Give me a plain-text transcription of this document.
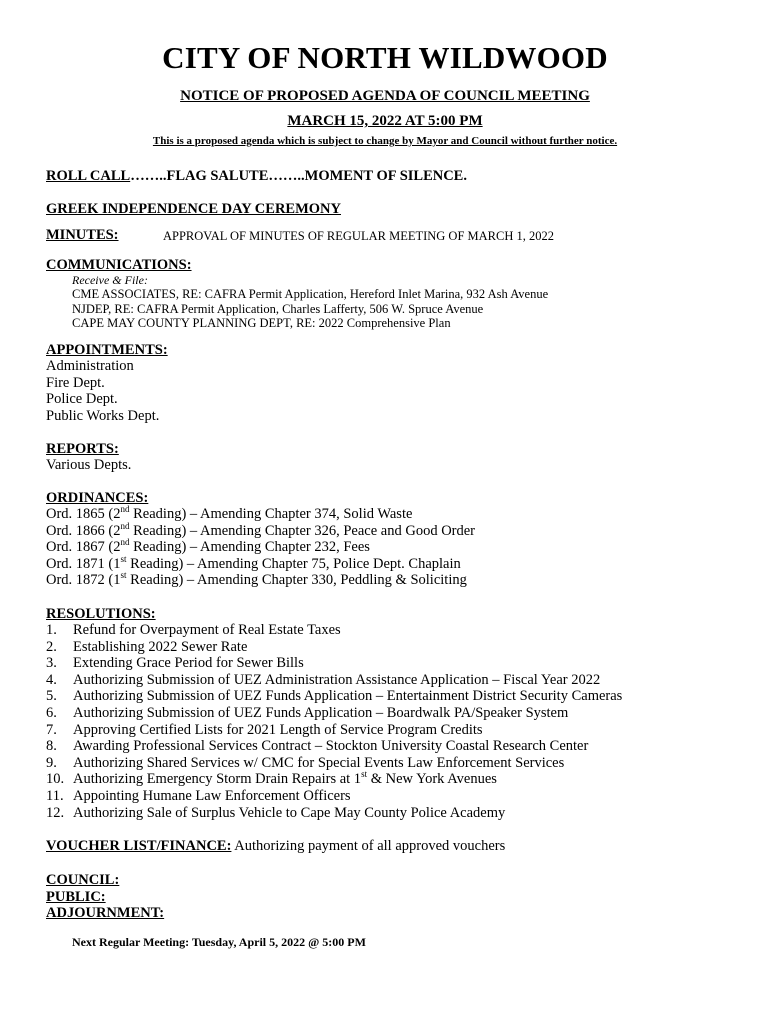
CITY OF NORTH WILDWOOD
NOTICE OF PROPOSED AGENDA OF COUNCIL MEETING
MARCH 15, 2022 AT 5:00 PM
This is a proposed agenda which is subject to change by Mayor and Council without further notice.
ROLL CALL……..FLAG SALUTE……..MOMENT OF SILENCE.
GREEK INDEPENDENCE DAY CEREMONY
MINUTES:	APPROVAL OF MINUTES OF REGULAR MEETING OF MARCH 1, 2022
COMMUNICATIONS:
Receive & File:
CME ASSOCIATES, RE: CAFRA Permit Application, Hereford Inlet Marina, 932 Ash Avenue
NJDEP, RE: CAFRA Permit Application, Charles Lafferty, 506 W. Spruce Avenue
CAPE MAY COUNTY PLANNING DEPT, RE: 2022 Comprehensive Plan
APPOINTMENTS:
Administration
Fire Dept.
Police Dept.
Public Works Dept.
REPORTS:
Various Depts.
ORDINANCES:
Ord. 1865 (2nd Reading) – Amending Chapter 374, Solid Waste
Ord. 1866 (2nd Reading) – Amending Chapter 326, Peace and Good Order
Ord. 1867 (2nd Reading) – Amending Chapter 232, Fees
Ord. 1871 (1st Reading) – Amending Chapter 75, Police Dept. Chaplain
Ord. 1872 (1st Reading) – Amending Chapter 330, Peddling & Soliciting
RESOLUTIONS:
1.	Refund for Overpayment of Real Estate Taxes
2.	Establishing 2022 Sewer Rate
3.	Extending Grace Period for Sewer Bills
4.	Authorizing Submission of UEZ Administration Assistance Application – Fiscal Year 2022
5.	Authorizing Submission of UEZ Funds Application – Entertainment District Security Cameras
6.	Authorizing Submission of UEZ Funds Application – Boardwalk PA/Speaker System
7.	Approving Certified Lists for 2021 Length of Service Program Credits
8.	Awarding Professional Services Contract – Stockton University Coastal Research Center
9.	Authorizing Shared Services w/ CMC for Special Events Law Enforcement Services
10. Authorizing Emergency Storm Drain Repairs at 1st & New York Avenues
11. Appointing Humane Law Enforcement Officers
12. Authorizing Sale of Surplus Vehicle to Cape May County Police Academy
VOUCHER LIST/FINANCE: Authorizing payment of all approved vouchers
COUNCIL:
PUBLIC:
ADJOURNMENT:
Next Regular Meeting: Tuesday, April 5, 2022 @ 5:00 PM
